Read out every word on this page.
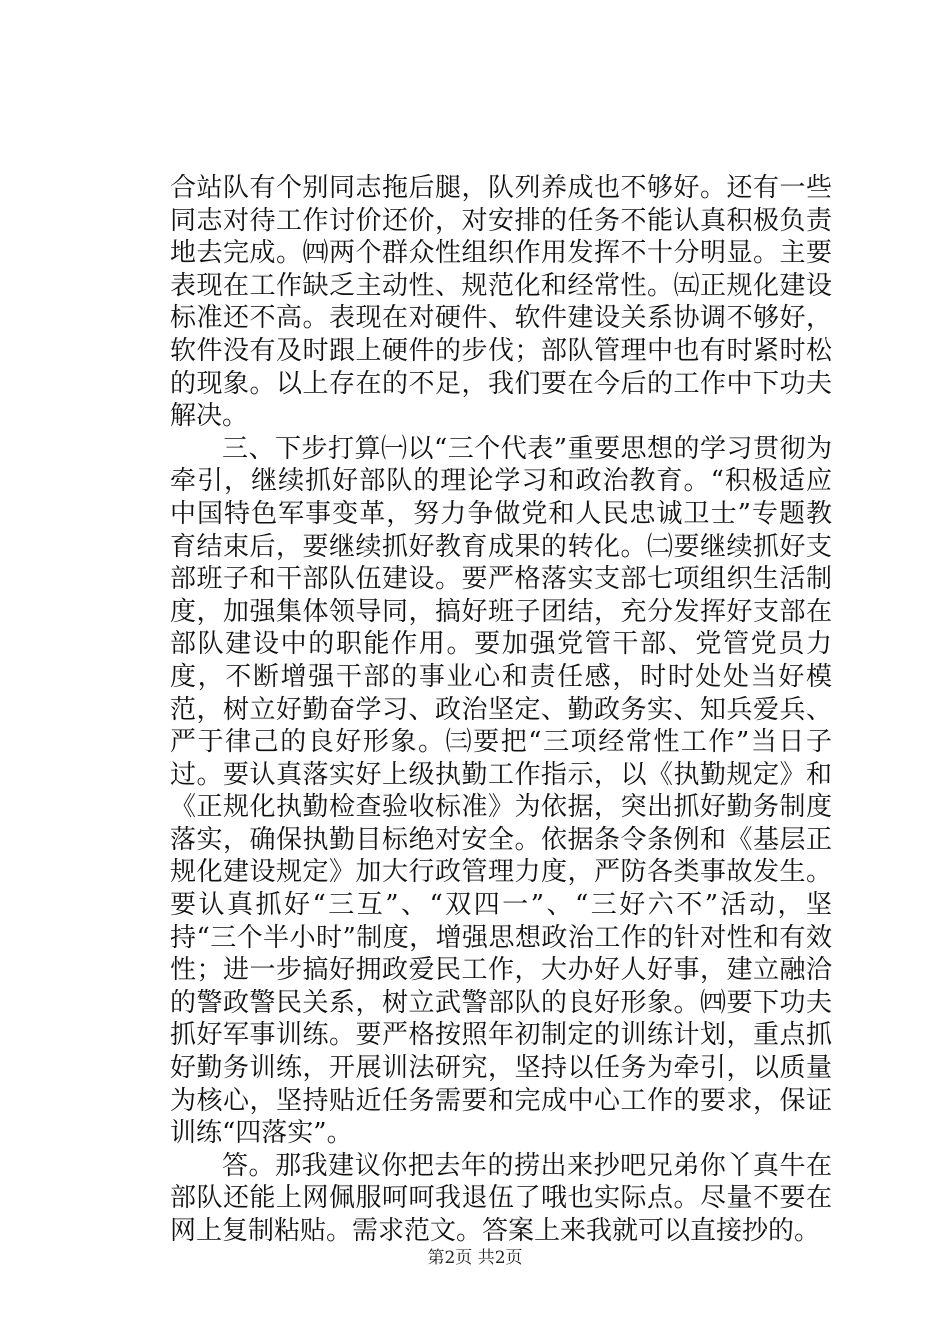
合站队有个别同志拖后腿，队列养成也不够好。还有一些同志对待工作讨价还价，对安排的任务不能认真积极负责地去完成。㈣两个群众性组织作用发挥不十分明显。主要表现在工作缺乏主动性、规范化和经常性。㈤正规化建设标准还不高。表现在对硬件、软件建设关系协调不够好，软件没有及时跟上硬件的步伐；部队管理中也有时紧时松的现象。以上存在的不足，我们要在今后的工作中下功夫解决。

三、下步打算㈠以“三个代表”重要思想的学习贯彻为牵引，继续抓好部队的理论学习和政治教育。“积极适应中国特色军事变革，努力争做党和人民忠诚卫士”专题教育结束后，要继续抓好教育成果的转化。㈡要继续抓好支部班子和干部队伍建设。要严格落实支部七项组织生活制度，加强集体领导同，搞好班子团结，充分发挥好支部在部队建设中的职能作用。要加强党管干部、党管党员力度，不断增强干部的事业心和责任感，时时处处当好模范，树立好勤奋学习、政治坚定、勤政务实、知兵爱兵、严于律己的良好形象。㈢要把“三项经常性工作”当日子过。要认真落实好上级执勤工作指示，以《执勤规定》和《正规化执勤检查验收标准》为依据，突出抓好勤务制度落实，确保执勤目标绝对安全。依据条令条例和《基层正规化建设规定》加大行政管理力度，严防各类事故发生。要认真抓好“三互”、“双四一”、“三好六不”活动，坚持“三个半小时”制度，增强思想政治工作的针对性和有效性；进一步搞好拥政爱民工作，大办好人好事，建立融洽的警政警民关系，树立武警部队的良好形象。㈣要下功夫抓好军事训练。要严格按照年初制定的训练计划，重点抓好勤务训练，开展训法研究，坚持以任务为牵引，以质量为核心，坚持贴近任务需要和完成中心工作的要求，保证训练“四落实”。

答。那我建议你把去年的捞出来抄吧兄弟你丫真牛在部队还能上网佩服呵呵我退伍了哦也实际点。尽量不要在网上复制粘贴。需求范文。答案上来我就可以直接抄的。

第2页 共2页
